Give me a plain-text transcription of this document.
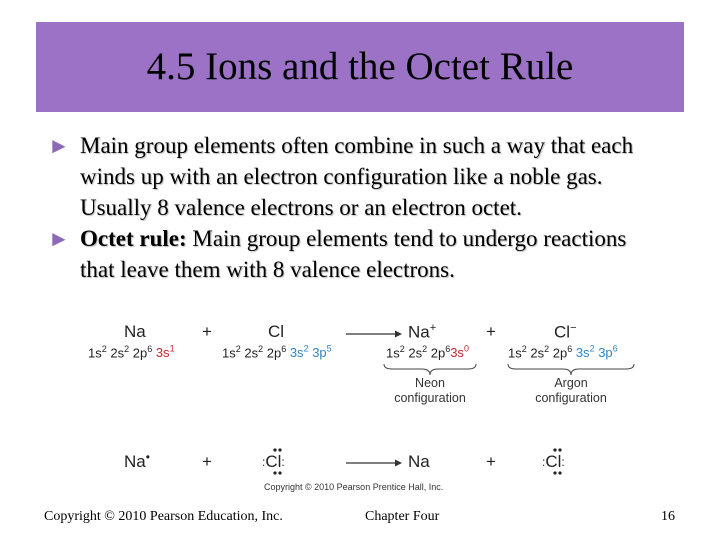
4.5 Ions and the Octet Rule
► Main group elements often combine in such a way that each winds up with an electron configuration like a noble gas. Usually 8 valence electrons or an electron octet.
► Octet rule: Main group elements tend to undergo reactions that leave them with 8 valence electrons.
Na	+	Cl	→ Na+	+	Cl−
$1s^2$ $2s^2$ $2p^6$ $3s^1$	$1s^2$ $2s^2$ $2p^6$ $3s^2$ $3p^5$	$1s^2$ $2s^2$ $2p^63s^0$	$1s^2$ $2s^2$ $2p^6$ $3s^2$ $3p^6$
Neon
configuration
Argon
configuration
Na•	+	:Cl:	→ Na	+	:Cl:
Copyright © 2010 Pearson Prentice Hall, Inc.
Copyright © 2010 Pearson Education, Inc.	Chapter Four	16
